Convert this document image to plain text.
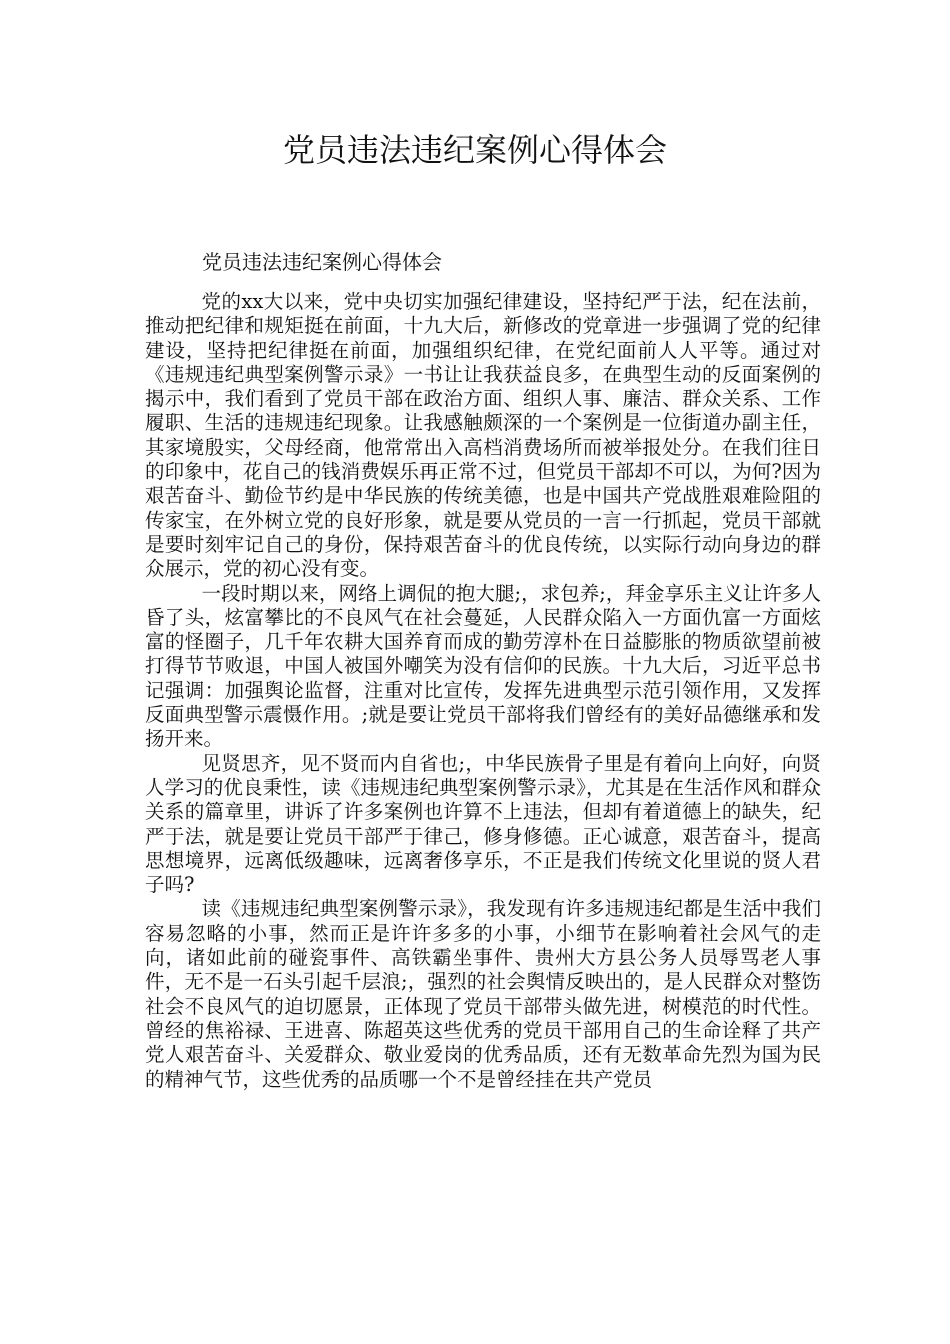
党员违法违纪案例心得体会
党员违法违纪案例心得体会

党的xx大以来，党中央切实加强纪律建设，坚持纪严于法，纪在法前，推动把纪律和规矩挺在前面，十九大后，新修改的党章进一步强调了党的纪律建设，坚持把纪律挺在前面，加强组织纪律，在党纪面前人人平等。通过对《违规违纪典型案例警示录》一书让让我获益良多，在典型生动的反面案例的揭示中，我们看到了党员干部在政治方面、组织人事、廉洁、群众关系、工作履职、生活的违规违纪现象。让我感触颇深的一个案例是一位街道办副主任，其家境殷实，父母经商，他常常出入高档消费场所而被举报处分。在我们往日的印象中，花自己的钱消费娱乐再正常不过，但党员干部却不可以，为何?因为艰苦奋斗、勤俭节约是中华民族的传统美德，也是中国共产党战胜艰难险阻的传家宝，在外树立党的良好形象，就是要从党员的一言一行抓起，党员干部就是要时刻牢记自己的身份，保持艰苦奋斗的优良传统，以实际行动向身边的群众展示，党的初心没有变。

一段时期以来，网络上调侃的抱大腿;，求包养;，拜金享乐主义让许多人昏了头，炫富攀比的不良风气在社会蔓延，人民群众陷入一方面仇富一方面炫富的怪圈子，几千年农耕大国养育而成的勤劳淳朴在日益膨胀的物质欲望前被打得节节败退，中国人被国外嘲笑为没有信仰的民族。十九大后，习近平总书记强调：加强舆论监督，注重对比宣传，发挥先进典型示范引领作用，又发挥反面典型警示震慑作用。;就是要让党员干部将我们曾经有的美好品德继承和发扬开来。

见贤思齐，见不贤而内自省也;，中华民族骨子里是有着向上向好，向贤人学习的优良秉性，读《违规违纪典型案例警示录》，尤其是在生活作风和群众关系的篇章里，讲诉了许多案例也许算不上违法，但却有着道德上的缺失，纪严于法，就是要让党员干部严于律己，修身修德。正心诚意，艰苦奋斗，提高思想境界，远离低级趣味，远离奢侈享乐，不正是我们传统文化里说的贤人君子吗?

读《违规违纪典型案例警示录》，我发现有许多违规违纪都是生活中我们容易忽略的小事，然而正是许许多多的小事，小细节在影响着社会风气的走向，诸如此前的碰瓷事件、高铁霸坐事件、贵州大方县公务人员辱骂老人事件，无不是一石头引起千层浪;，强烈的社会舆情反映出的，是人民群众对整饬社会不良风气的迫切愿景，正体现了党员干部带头做先进，树模范的时代性。曾经的焦裕禄、王进喜、陈超英这些优秀的党员干部用自己的生命诠释了共产党人艰苦奋斗、关爱群众、敬业爱岗的优秀品质，还有无数革命先烈为国为民的精神气节，这些优秀的品质哪一个不是曾经挂在共产党员
